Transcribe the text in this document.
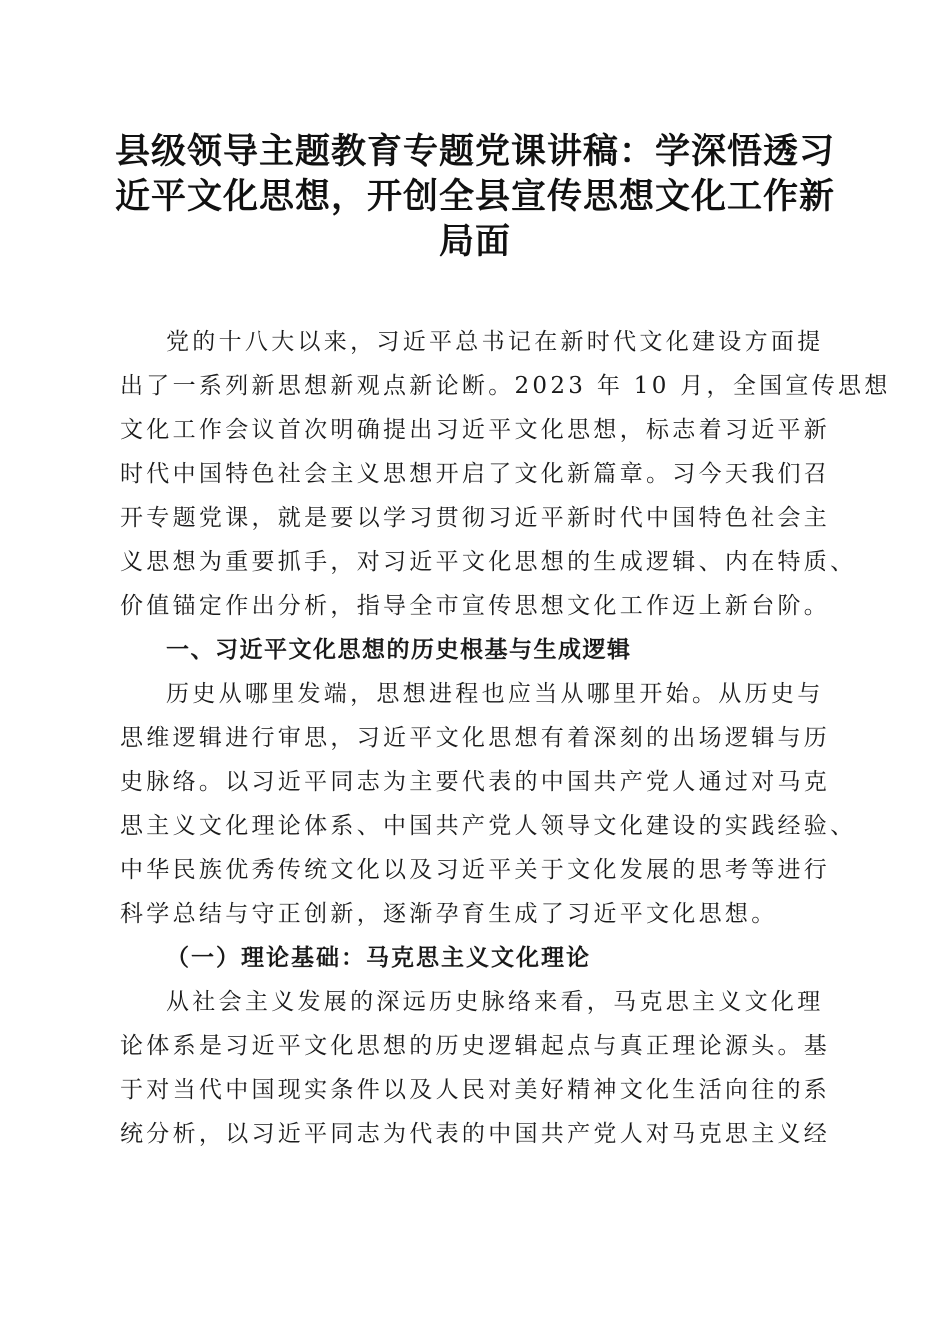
县级领导主题教育专题党课讲稿：学深悟透习
近平文化思想，开创全县宣传思想文化工作新
局面
党的十八大以来，习近平总书记在新时代文化建设方面提
出了一系列新思想新观点新论断。2023 年 10 月，全国宣传思想
文化工作会议首次明确提出习近平文化思想，标志着习近平新
时代中国特色社会主义思想开启了文化新篇章。习今天我们召
开专题党课，就是要以学习贯彻习近平新时代中国特色社会主
义思想为重要抓手，对习近平文化思想的生成逻辑、内在特质、
价值锚定作出分析，指导全市宣传思想文化工作迈上新台阶。

一、习近平文化思想的历史根基与生成逻辑

历史从哪里发端，思想进程也应当从哪里开始。从历史与
思维逻辑进行审思，习近平文化思想有着深刻的出场逻辑与历
史脉络。以习近平同志为主要代表的中国共产党人通过对马克
思主义文化理论体系、中国共产党人领导文化建设的实践经验、
中华民族优秀传统文化以及习近平关于文化发展的思考等进行
科学总结与守正创新，逐渐孕育生成了习近平文化思想。

（一）理论基础：马克思主义文化理论

从社会主义发展的深远历史脉络来看，马克思主义文化理
论体系是习近平文化思想的历史逻辑起点与真正理论源头。基
于对当代中国现实条件以及人民对美好精神文化生活向往的系
统分析，以习近平同志为代表的中国共产党人对马克思主义经
